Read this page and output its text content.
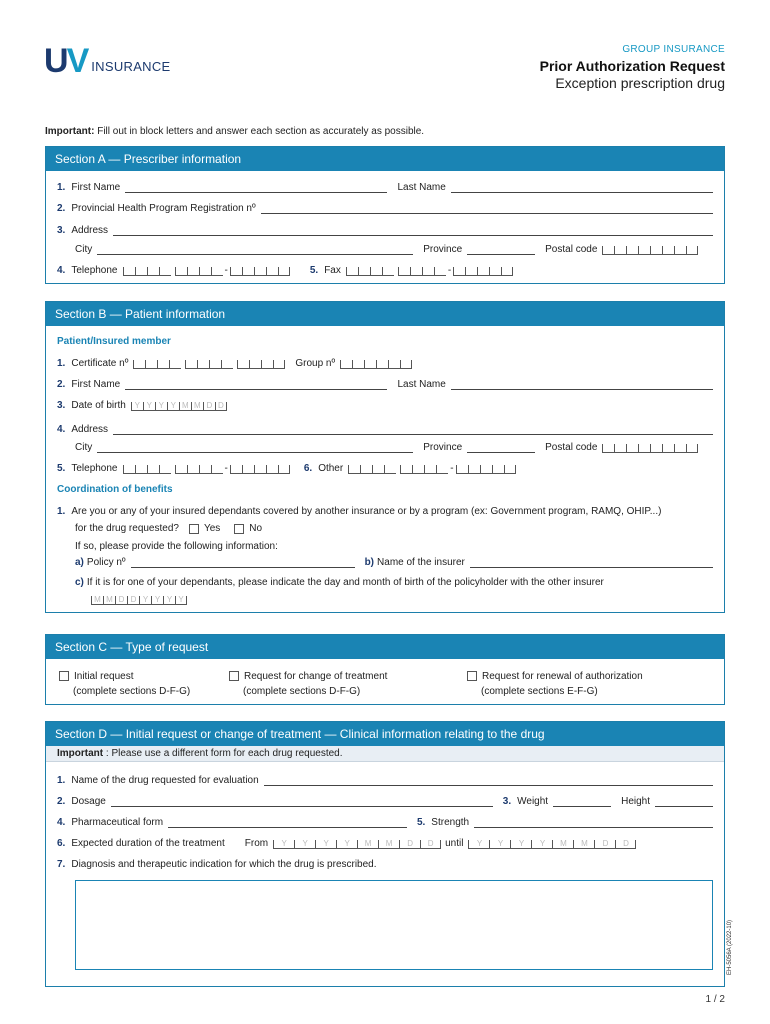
UV INSURANCE
GROUP INSURANCE
Prior Authorization Request
Exception prescription drug
Important: Fill out in block letters and answer each section as accurately as possible.
Section A — Prescriber information
1. First Name	Last Name
2. Provincial Health Program Registration nº
3. Address
City	Province	Postal code
4. Telephone	-	5. Fax	-
Section B — Patient information
Patient/Insured member
1. Certificate nº	Group nº
2. First Name	Last Name
3. Date of birth	Y Y Y Y M M D D
4. Address
City	Province	Postal code
5. Telephone	-	6. Other	-
Coordination of benefits
1. Are you or any of your insured dependants covered by another insurance or by a program (ex: Government program, RAMQ, OHIP...)
for the drug requested?	Yes	No
If so, please provide the following information:
a) Policy nº	b) Name of the insurer
c) If it is for one of your dependants, please indicate the day and month of birth of the policyholder with the other insurer
M M D D Y Y Y Y
Section C — Type of request
Initial request
(complete sections D-F-G)
Request for change of treatment
(complete sections D-F-G)
Request for renewal of authorization
(complete sections E-F-G)
Section D — Initial request or change of treatment — Clinical information relating to the drug
Important : Please use a different form for each drug requested.
1. Name of the drug requested for evaluation
2. Dosage	3. Weight	Height
4. Pharmaceutical form	5. Strength
6. Expected duration of the treatment From	Y	Y	Y	Y	M	M	D	D	until	Y	Y	Y	Y	M	M	D	D
7. Diagnosis and therapeutic indication for which the drug is prescribed.
EH-5056A (2022-10)
1 / 2
